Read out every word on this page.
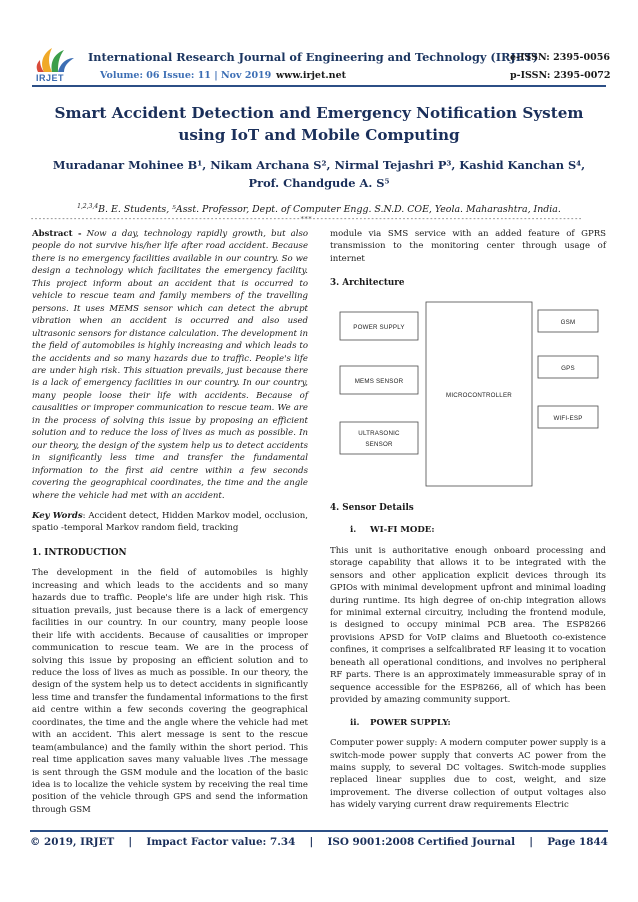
IRJET
International Research Journal of Engineering and Technology (IRJET)
e-ISSN: 2395-0056
Volume: 06 Issue: 11 | Nov 2019 www.irjet.net	p-ISSN: 2395-0072
Smart Accident Detection and Emergency Notification System using IoT and Mobile Computing
Muradanar Mohinee B¹, Nikam Archana S², Nirmal Tejashri P³, Kashid Kanchan S⁴,
Prof. Chandgude A. S⁵
$^{1,2,3,4}$B. E. Students, ⁵Asst. Professor, Dept. of Computer Engg. S.N.D. COE, Yeola. Maharashtra, India.
---------------------------------------------------------------------***---------------------------------------------------------------------

Abstract - Now a day, technology rapidly growth, but also people do not survive his/her life after road accident. Because there is no emergency facilities available in our country. So we design a technology which facilitates the emergency facility. This project inform about an accident that is occurred to vehicle to rescue team and family members of the travelling persons. It uses MEMS sensor which can detect the abrupt vibration when an accident is occurred and also used ultrasonic sensors for distance calculation. The development in the field of automobiles is highly increasing and which leads to the accidents and so many hazards due to traffic. People's life are under high risk. This situation prevails, just because there is a lack of emergency facilities in our country. In our country, many people loose their life with accidents. Because of causalities or improper communication to rescue team. We are in the process of solving this issue by proposing an efficient solution and to reduce the loss of lives as much as possible. In our theory, the design of the system help us to detect accidents in significantly less time and transfer the fundamental information to the first aid centre within a few seconds covering the geographical coordinates, the time and the angle where the vehicle had met with an accident.

Key Words: Accident detect, Hidden Markov model, occlusion, spatio -temporal Markov random field, tracking

1. INTRODUCTION

The development in the field of automobiles is highly increasing and which leads to the accidents and so many hazards due to traffic. People's life are under high risk. This situation prevails, just because there is a lack of emergency facilities in our country. In our country, many people loose their life with accidents. Because of causalities or improper communication to rescue team. We are in the process of solving this issue by proposing an efficient solution and to reduce the loss of lives as much as possible. In our theory, the design of the system help us to detect accidents in significantly less time and transfer the fundamental informations to the first aid centre within a few seconds covering the geographical coordinates, the time and the angle where the vehicle had met with an accident. This alert message is sent to the rescue team(ambulance) and the family within the short period. This real time application saves many valuable lives .The message is sent through the GSM module and the location of the basic idea is to localize the vehicle system by receiving the real time position of the vehicle through GPS and send the information through GSM

module via SMS service with an added feature of GPRS transmission to the monitoring center through usage of internet

3. Architecture

POWER SUPPLY
MEMS SENSOR
ULTRASONIC
SENSOR
MICROCONTROLLER
GSM
GPS
WIFI-ESP

4. Sensor Details

i. WI-FI MODE:

This unit is authoritative enough onboard processing and storage capability that allows it to be integrated with the sensors and other application explicit devices through its GPIOs with minimal development upfront and minimal loading during runtime. Its high degree of on-chip integration allows for minimal external circuitry, including the frontend module, is designed to occupy minimal PCB area. The ESP8266 provisions APSD for VoIP claims and Bluetooth co-existence confines, it comprises a selfcalibrated RF leasing it to vocation beneath all operational conditions, and involves no peripheral RF parts. There is an approximately immeasurable spray of in sequence accessible for the ESP8266, all of which has been provided by amazing community support.

ii. POWER SUPPLY:

Computer power supply: A modern computer power supply is a switch-mode power supply that converts AC power from the mains supply, to several DC voltages. Switch-mode supplies replaced linear supplies due to cost, weight, and size improvement. The diverse collection of output voltages also has widely varying current draw requirements Electric

© 2019, IRJET	|	Impact Factor value: 7.34	|	ISO 9001:2008 Certified Journal	|	Page 1844
